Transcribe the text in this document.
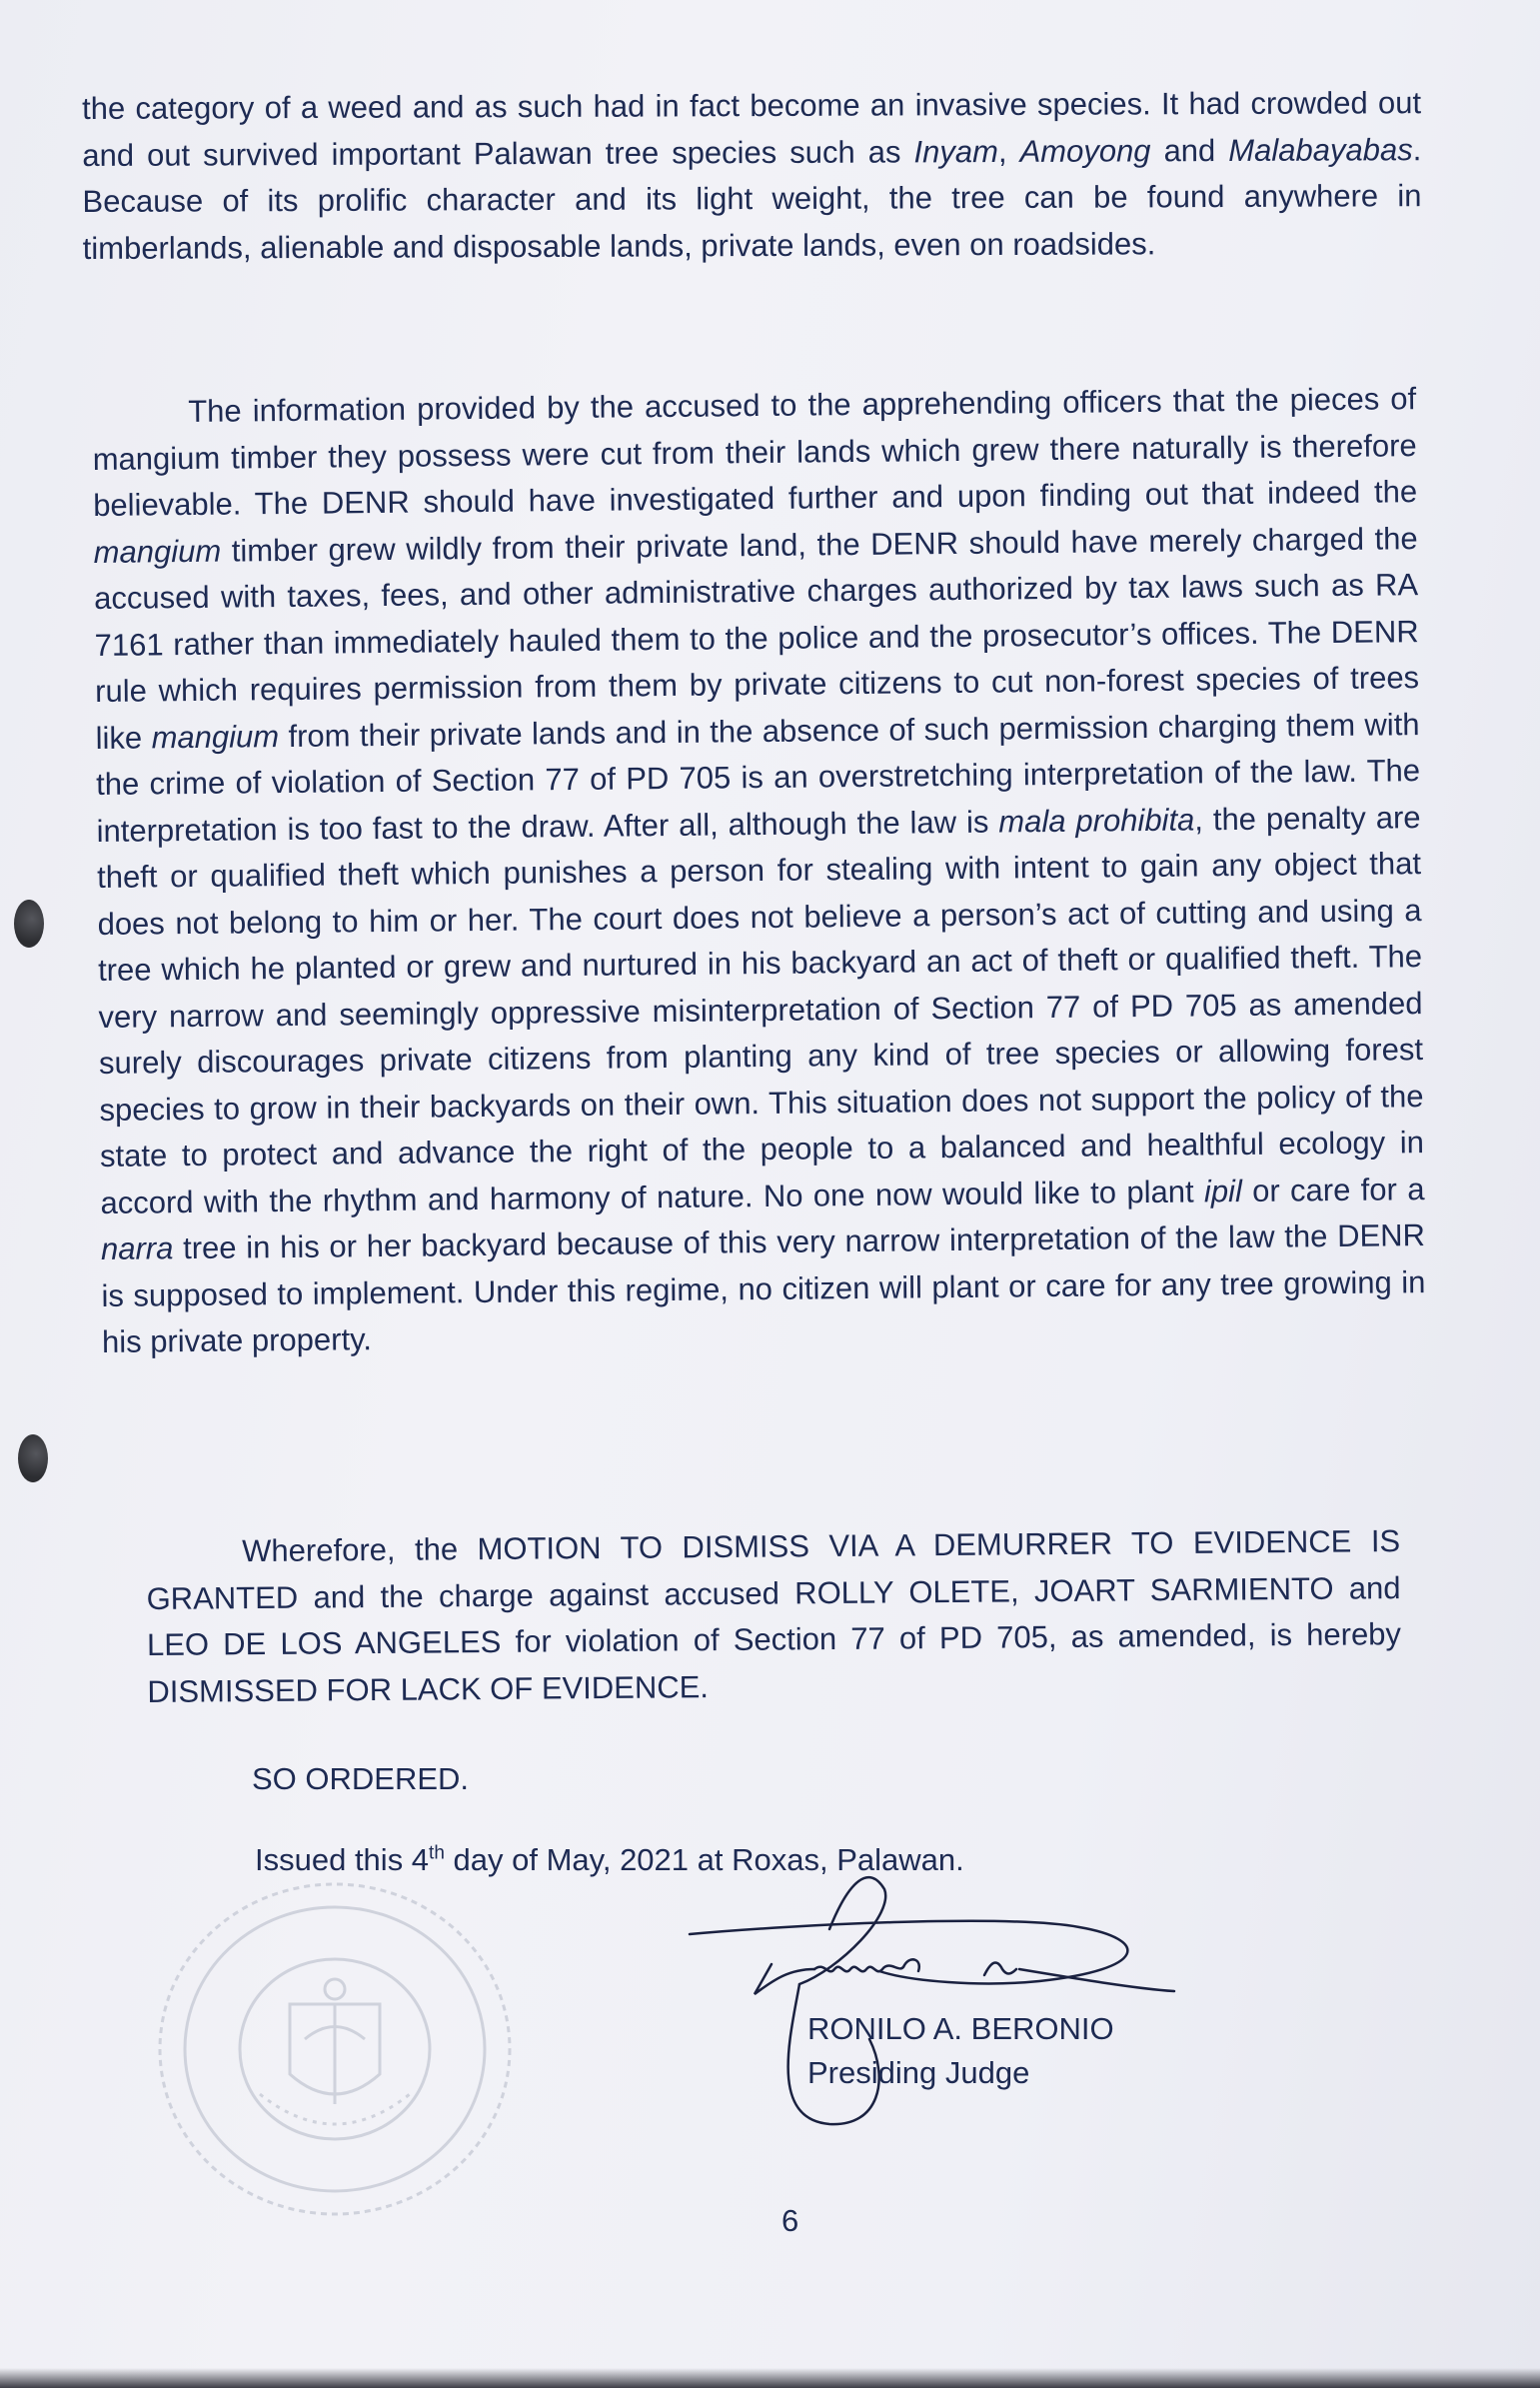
the category of a weed and as such had in fact become an invasive species. It had crowded out and out survived important Palawan tree species such as Inyam, Amoyong and Malabayabas. Because of its prolific character and its light weight, the tree can be found anywhere in timberlands, alienable and disposable lands, private lands, even on roadsides.

The information provided by the accused to the apprehending officers that the pieces of mangium timber they possess were cut from their lands which grew there naturally is therefore believable. The DENR should have investigated further and upon finding out that indeed the mangium timber grew wildly from their private land, the DENR should have merely charged the accused with taxes, fees, and other administrative charges authorized by tax laws such as RA 7161 rather than immediately hauled them to the police and the prosecutor’s offices. The DENR rule which requires permission from them by private citizens to cut non-forest species of trees like mangium from their private lands and in the absence of such permission charging them with the crime of violation of Section 77 of PD 705 is an overstretching interpretation of the law. The interpretation is too fast to the draw. After all, although the law is mala prohibita, the penalty are theft or qualified theft which punishes a person for stealing with intent to gain any object that does not belong to him or her. The court does not believe a person’s act of cutting and using a tree which he planted or grew and nurtured in his backyard an act of theft or qualified theft. The very narrow and seemingly oppressive misinterpretation of Section 77 of PD 705 as amended surely discourages private citizens from planting any kind of tree species or allowing forest species to grow in their backyards on their own. This situation does not support the policy of the state to protect and advance the right of the people to a balanced and healthful ecology in accord with the rhythm and harmony of nature. No one now would like to plant ipil or care for a narra tree in his or her backyard because of this very narrow interpretation of the law the DENR is supposed to implement. Under this regime, no citizen will plant or care for any tree growing in his private property.

Wherefore, the MOTION TO DISMISS VIA A DEMURRER TO EVIDENCE IS GRANTED and the charge against accused ROLLY OLETE, JOART SARMIENTO and LEO DE LOS ANGELES for violation of Section 77 of PD 705, as amended, is hereby DISMISSED FOR LACK OF EVIDENCE.

SO ORDERED.

Issued this 4th day of May, 2021 at Roxas, Palawan.

RONILO A. BERONIO

Presiding Judge

6
